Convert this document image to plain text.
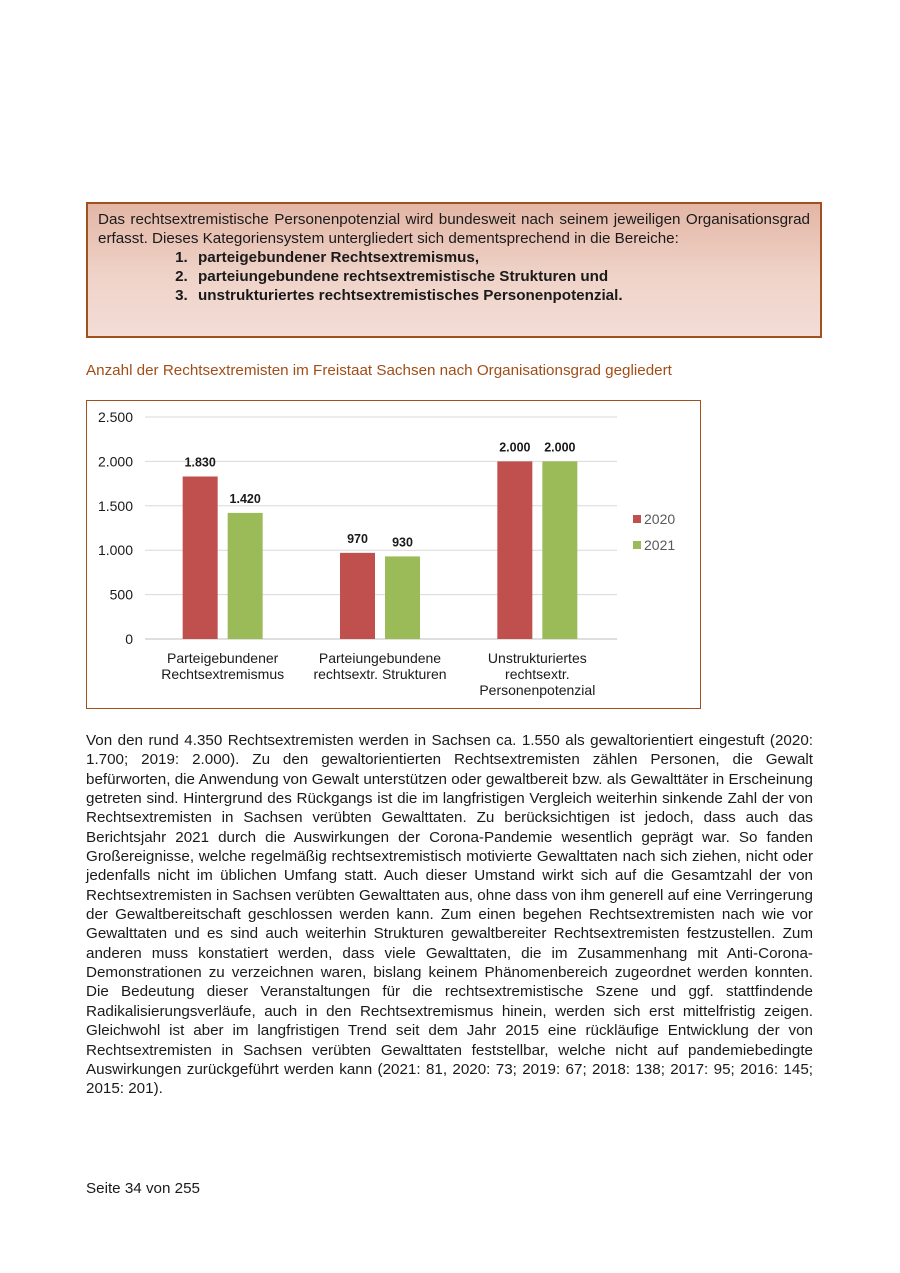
Das rechtsextremistische Personenpotenzial wird bundesweit nach seinem jeweiligen Organisationsgrad erfasst. Dieses Kategoriensystem untergliedert sich dementsprechend in die Bereiche:

1. parteigebundener Rechtsextremismus,
2. parteiungebundene rechtsextremistische Strukturen und
3. unstrukturiertes rechtsextremistisches Personenpotenzial.
Anzahl der Rechtsextremisten im Freistaat Sachsen nach Organisationsgrad gegliedert
0
500
1.000
1.500
2.000
2.500
1.830
1.420
Parteigebundener
Rechtsextremismus
970 930
Parteiungebundene
rechtsextr. Strukturen
2.000 2.000
Unstrukturiertes
rechtsextr.
Personenpotenzial
2020
2021

Von den rund 4.350 Rechtsextremisten werden in Sachsen ca. 1.550 als gewaltorientiert eingestuft (2020: 1.700; 2019: 2.000). Zu den gewaltorientierten Rechtsextremisten zählen Personen, die Gewalt befürworten, die Anwendung von Gewalt unterstützen oder gewaltbereit bzw. als Gewalttäter in Erscheinung getreten sind. Hintergrund des Rückgangs ist die im langfristigen Vergleich weiterhin sinkende Zahl der von Rechtsextremisten in Sachsen verübten Gewalttaten. Zu berücksichtigen ist jedoch, dass auch das Berichtsjahr 2021 durch die Auswirkungen der Corona-Pandemie wesentlich geprägt war. So fanden Großereignisse, welche regelmäßig rechtsextremistisch motivierte Gewalttaten nach sich ziehen, nicht oder jedenfalls nicht im üblichen Umfang statt. Auch dieser Umstand wirkt sich auf die Gesamtzahl der von Rechtsextremisten in Sachsen verübten Gewalttaten aus, ohne dass von ihm generell auf eine Verringerung der Gewaltbereitschaft geschlossen werden kann. Zum einen begehen Rechtsextremisten nach wie vor Gewalttaten und es sind auch weiterhin Strukturen gewaltbereiter Rechtsextremisten festzustellen. Zum anderen muss konstatiert werden, dass viele Gewalttaten, die im Zusammenhang mit Anti-Corona-Demonstrationen zu verzeichnen waren, bislang keinem Phänomenbereich zugeordnet werden konnten. Die Bedeutung dieser Veranstaltungen für die rechtsextremistische Szene und ggf. stattfindende Radikalisierungsverläufe, auch in den Rechtsextremismus hinein, werden sich erst mittelfristig zeigen. Gleichwohl ist aber im langfristigen Trend seit dem Jahr 2015 eine rückläufige Entwicklung der von Rechtsextremisten in Sachsen verübten Gewalttaten feststellbar, welche nicht auf pandemiebedingte Auswirkungen zurückgeführt werden kann (2021: 81, 2020: 73; 2019: 67; 2018: 138; 2017: 95; 2016: 145; 2015: 201).

Seite 34 von 255
